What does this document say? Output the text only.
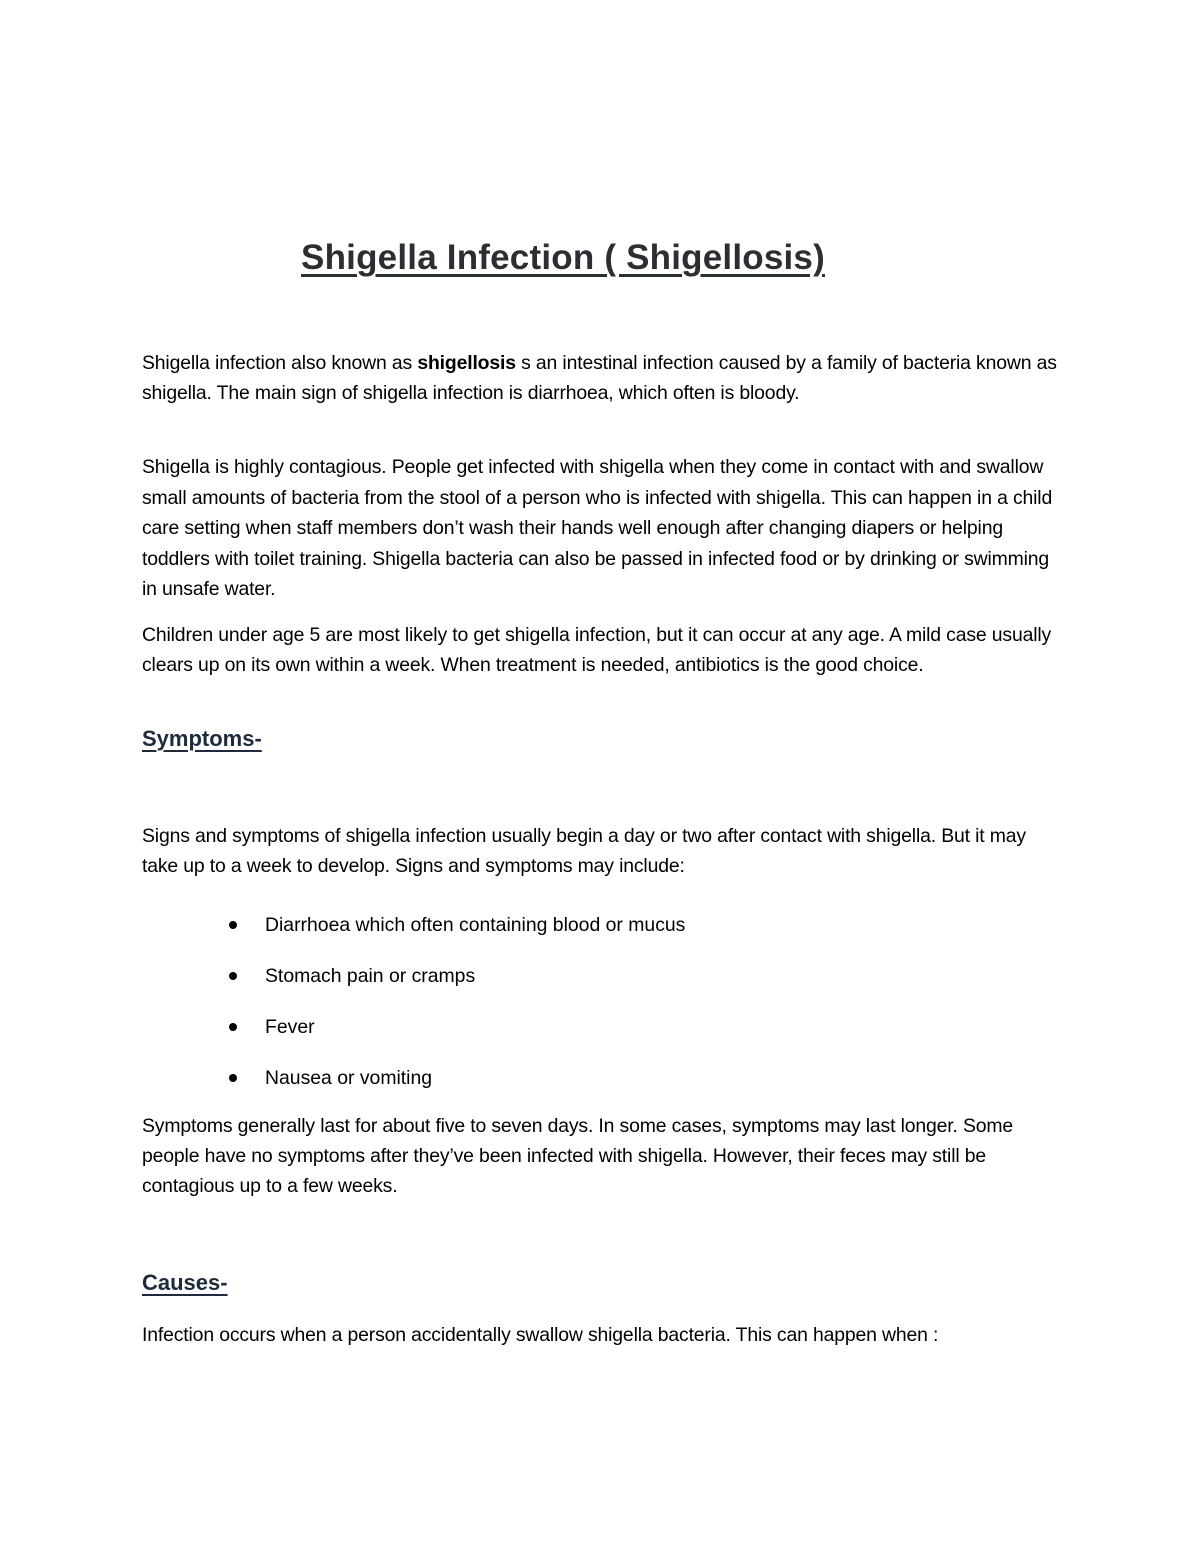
Shigella Infection ( Shigellosis)

Shigella infection also known as shigellosis s an intestinal infection caused by a family of bacteria known as shigella. The main sign of shigella infection is diarrhoea, which often is bloody.

Shigella is highly contagious. People get infected with shigella when they come in contact with and swallow small amounts of bacteria from the stool of a person who is infected with shigella. This can happen in a child care setting when staff members don’t wash their hands well enough after changing diapers or helping toddlers with toilet training. Shigella bacteria can also be passed in infected food or by drinking or swimming in unsafe water.

Children under age 5 are most likely to get shigella infection, but it can occur at any age. A mild case usually clears up on its own within a week. When treatment is needed, antibiotics is the good choice.

Symptoms-

Signs and symptoms of shigella infection usually begin a day or two after contact with shigella. But it may take up to a week to develop. Signs and symptoms may include:

Diarrhoea which often containing blood or mucus
Stomach pain or cramps
Fever
Nausea or vomiting

Symptoms generally last for about five to seven days. In some cases, symptoms may last longer. Some people have no symptoms after they’ve been infected with shigella. However, their feces may still be contagious up to a few weeks.

Causes-

Infection occurs when a person accidentally swallow shigella bacteria. This can happen when :
